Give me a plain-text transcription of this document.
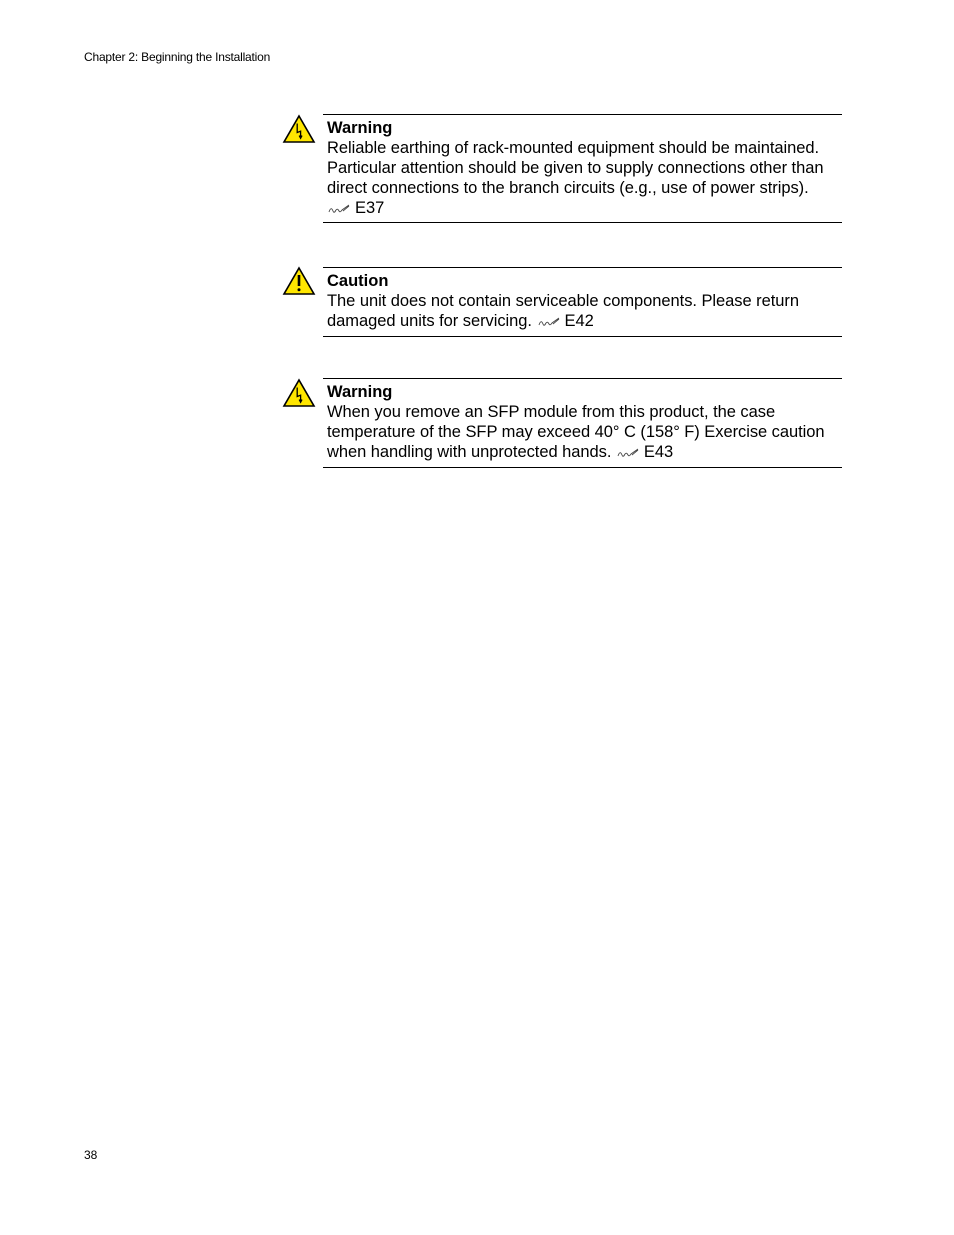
Chapter 2: Beginning the Installation
Warning
Reliable earthing of rack-mounted equipment should be maintained. Particular attention should be given to supply connections other than direct connections to the branch circuits (e.g., use of power strips).
E37
Caution
The unit does not contain serviceable components. Please return damaged units for servicing. E42
Warning
When you remove an SFP module from this product, the case temperature of the SFP may exceed 40° C (158° F) Exercise caution when handling with unprotected hands. E43
38
